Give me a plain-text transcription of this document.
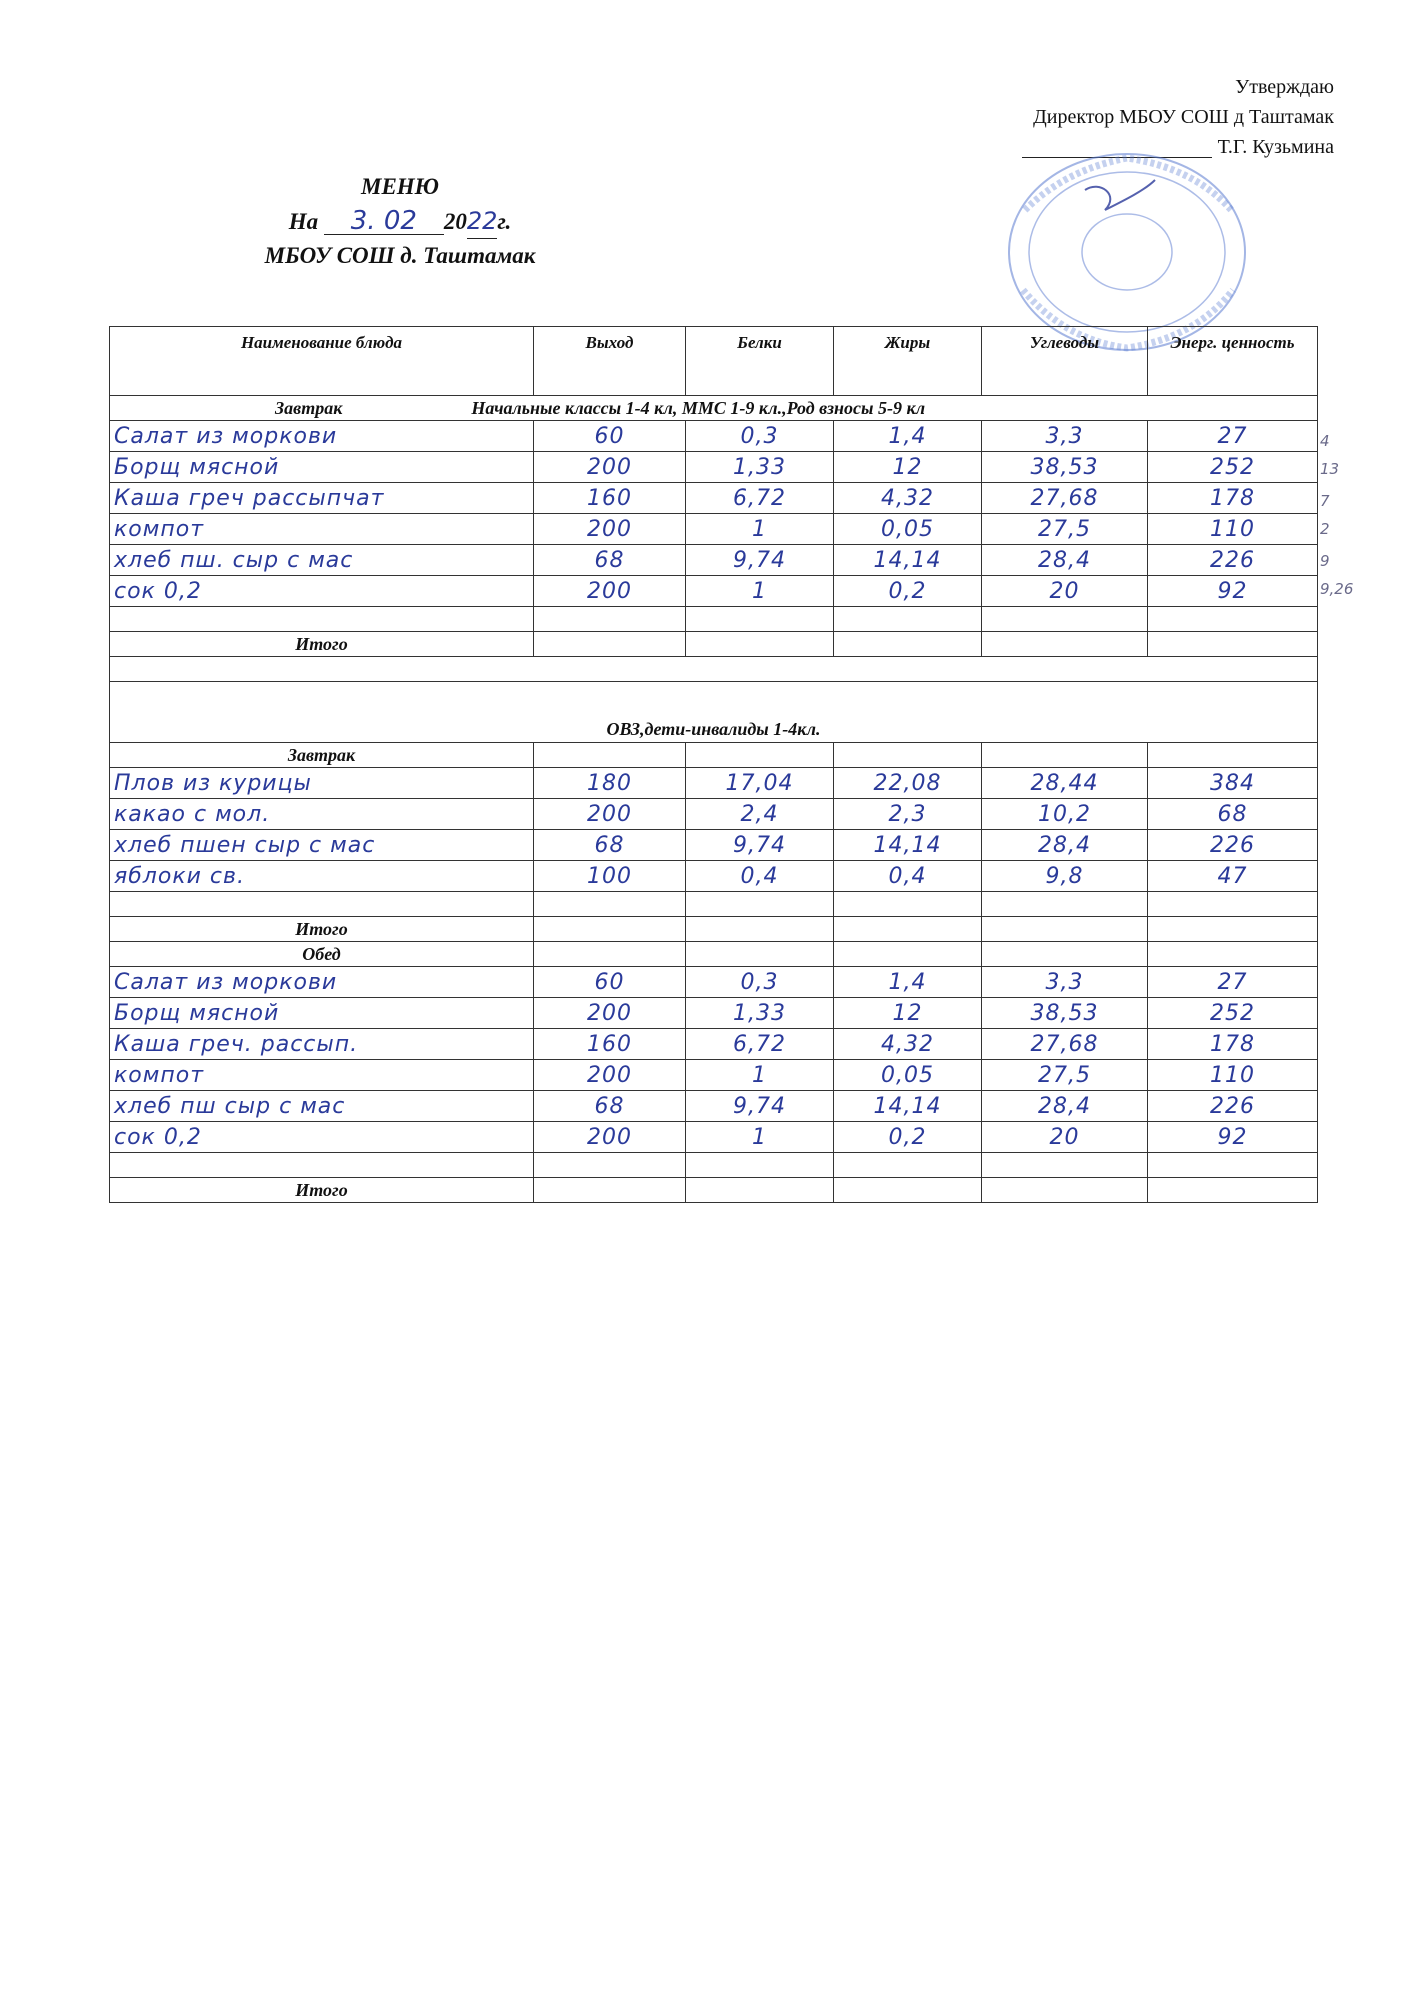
Утверждаю
Директор МБОУ СОШ д Таштамак
Т.Г. Кузьмина
МЕНЮ
На 3. 02 2022г.
МБОУ СОШ д. Таштамак
Наименование блюда	Выход	Белки	Жиры	Углеводы	Энерг. ценность
Завтрак Начальные классы 1-4 кл, ММС 1-9 кл.,Род взносы 5-9 кл					
Салат из моркови	60	0,3	1,4	3,3	27
Борщ мясной	200	1,33	12	38,53	252
Каша греч рассыпчат	160	6,72	4,32	27,68	178
компот	200	1	0,05	27,5	110
хлеб пш. сыр с мас	68	9,74	14,14	28,4	226
сок 0,2	200	1	0,2	20	92

Итого					

ОВЗ,дети-инвалиды 1-4кл.					
Завтрак					
Плов из курицы	180	17,04	22,08	28,44	384
какао с мол.	200	2,4	2,3	10,2	68
хлеб пшен сыр с мас	68	9,74	14,14	28,4	226
яблоки св.	100	0,4	0,4	9,8	47

Итого					
Обед					
Салат из моркови	60	0,3	1,4	3,3	27
Борщ мясной	200	1,33	12	38,53	252
Каша греч. рассып.	160	6,72	4,32	27,68	178
компот	200	1	0,05	27,5	110
хлеб пш сыр с мас	68	9,74	14,14	28,4	226
сок 0,2	200	1	0,2	20	92

Итого					
4
13
7
2
9
9,26
